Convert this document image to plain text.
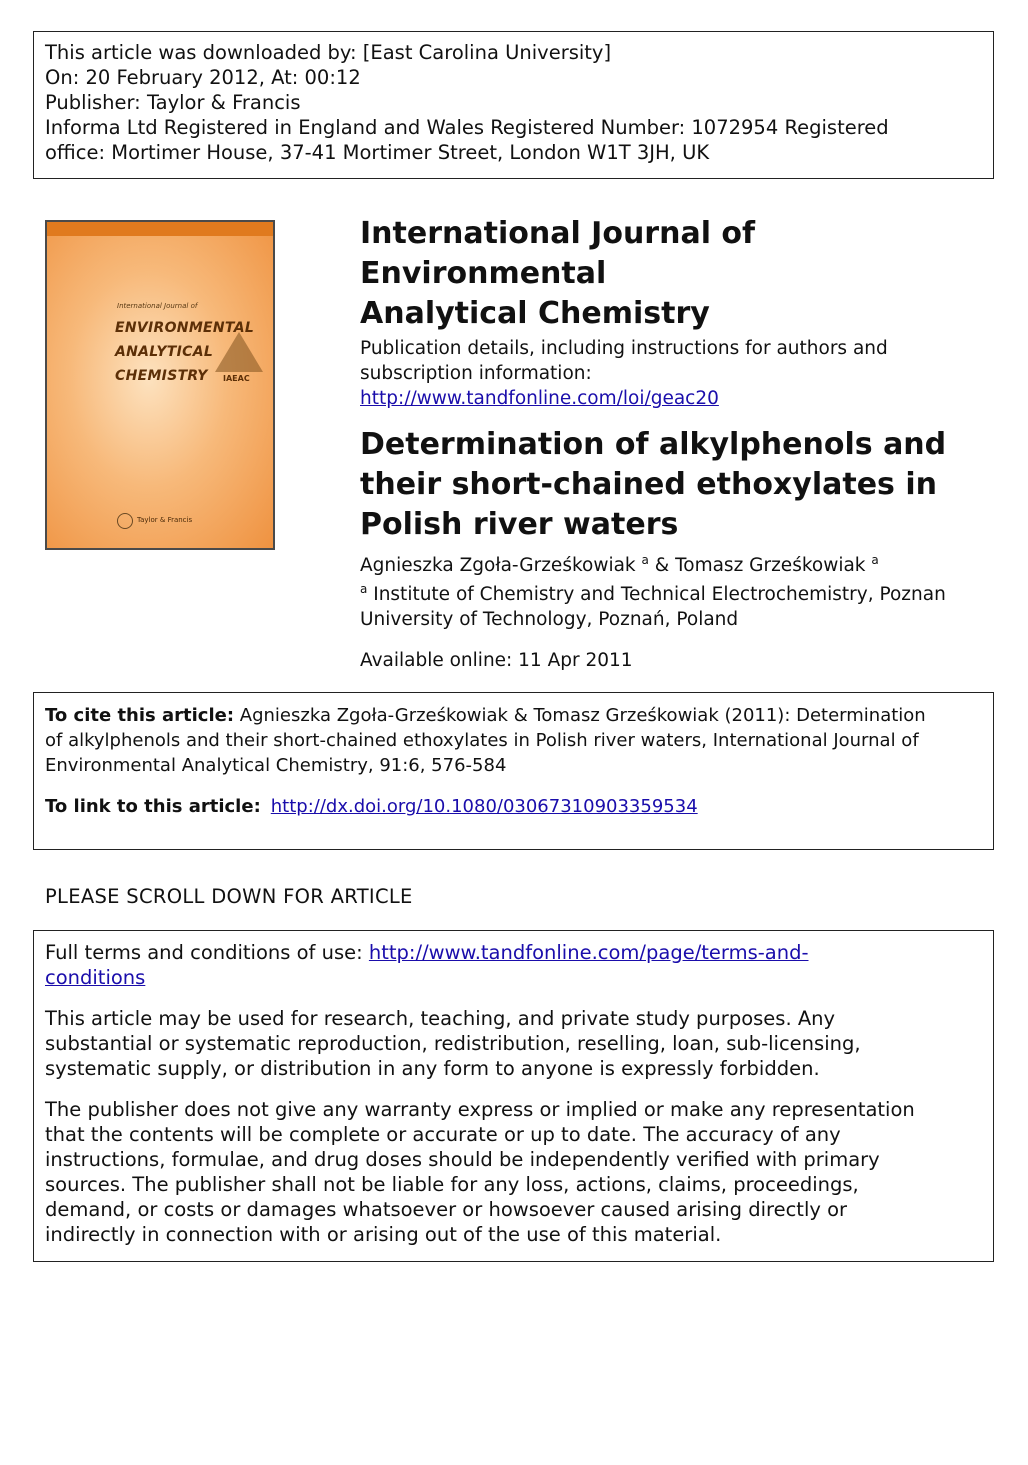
This article was downloaded by: [East Carolina University]
On: 20 February 2012, At: 00:12
Publisher: Taylor & Francis
Informa Ltd Registered in England and Wales Registered Number: 1072954 Registered
office: Mortimer House, 37-41 Mortimer Street, London W1T 3JH, UK
International Journal of
ENVIRONMENTAL
ANALYTICAL
CHEMISTRY IAEAC
Taylor & Francis
International Journal of Environmental
Analytical Chemistry
Publication details, including instructions for authors and
subscription information:
http://www.tandfonline.com/loi/geac20
Determination of alkylphenols and
their short-chained ethoxylates in
Polish river waters
Agnieszka Zgoła-Grześkowiak $^a$ & Tomasz Grześkowiak $^a$
$^a$ Institute of Chemistry and Technical Electrochemistry, Poznan
University of Technology, Poznań, Poland
Available online: 11 Apr 2011
To cite this article: Agnieszka Zgoła-Grześkowiak & Tomasz Grześkowiak (2011): Determination
of alkylphenols and their short-chained ethoxylates in Polish river waters, International Journal of
Environmental Analytical Chemistry, 91:6, 576-584
To link to this article: http://dx.doi.org/10.1080/03067310903359534
PLEASE SCROLL DOWN FOR ARTICLE

Full terms and conditions of use: http://www.tandfonline.com/page/terms-and-
conditions

This article may be used for research, teaching, and private study purposes. Any
substantial or systematic reproduction, redistribution, reselling, loan, sub-licensing,
systematic supply, or distribution in any form to anyone is expressly forbidden.

The publisher does not give any warranty express or implied or make any representation
that the contents will be complete or accurate or up to date. The accuracy of any
instructions, formulae, and drug doses should be independently verified with primary
sources. The publisher shall not be liable for any loss, actions, claims, proceedings,
demand, or costs or damages whatsoever or howsoever caused arising directly or
indirectly in connection with or arising out of the use of this material.
